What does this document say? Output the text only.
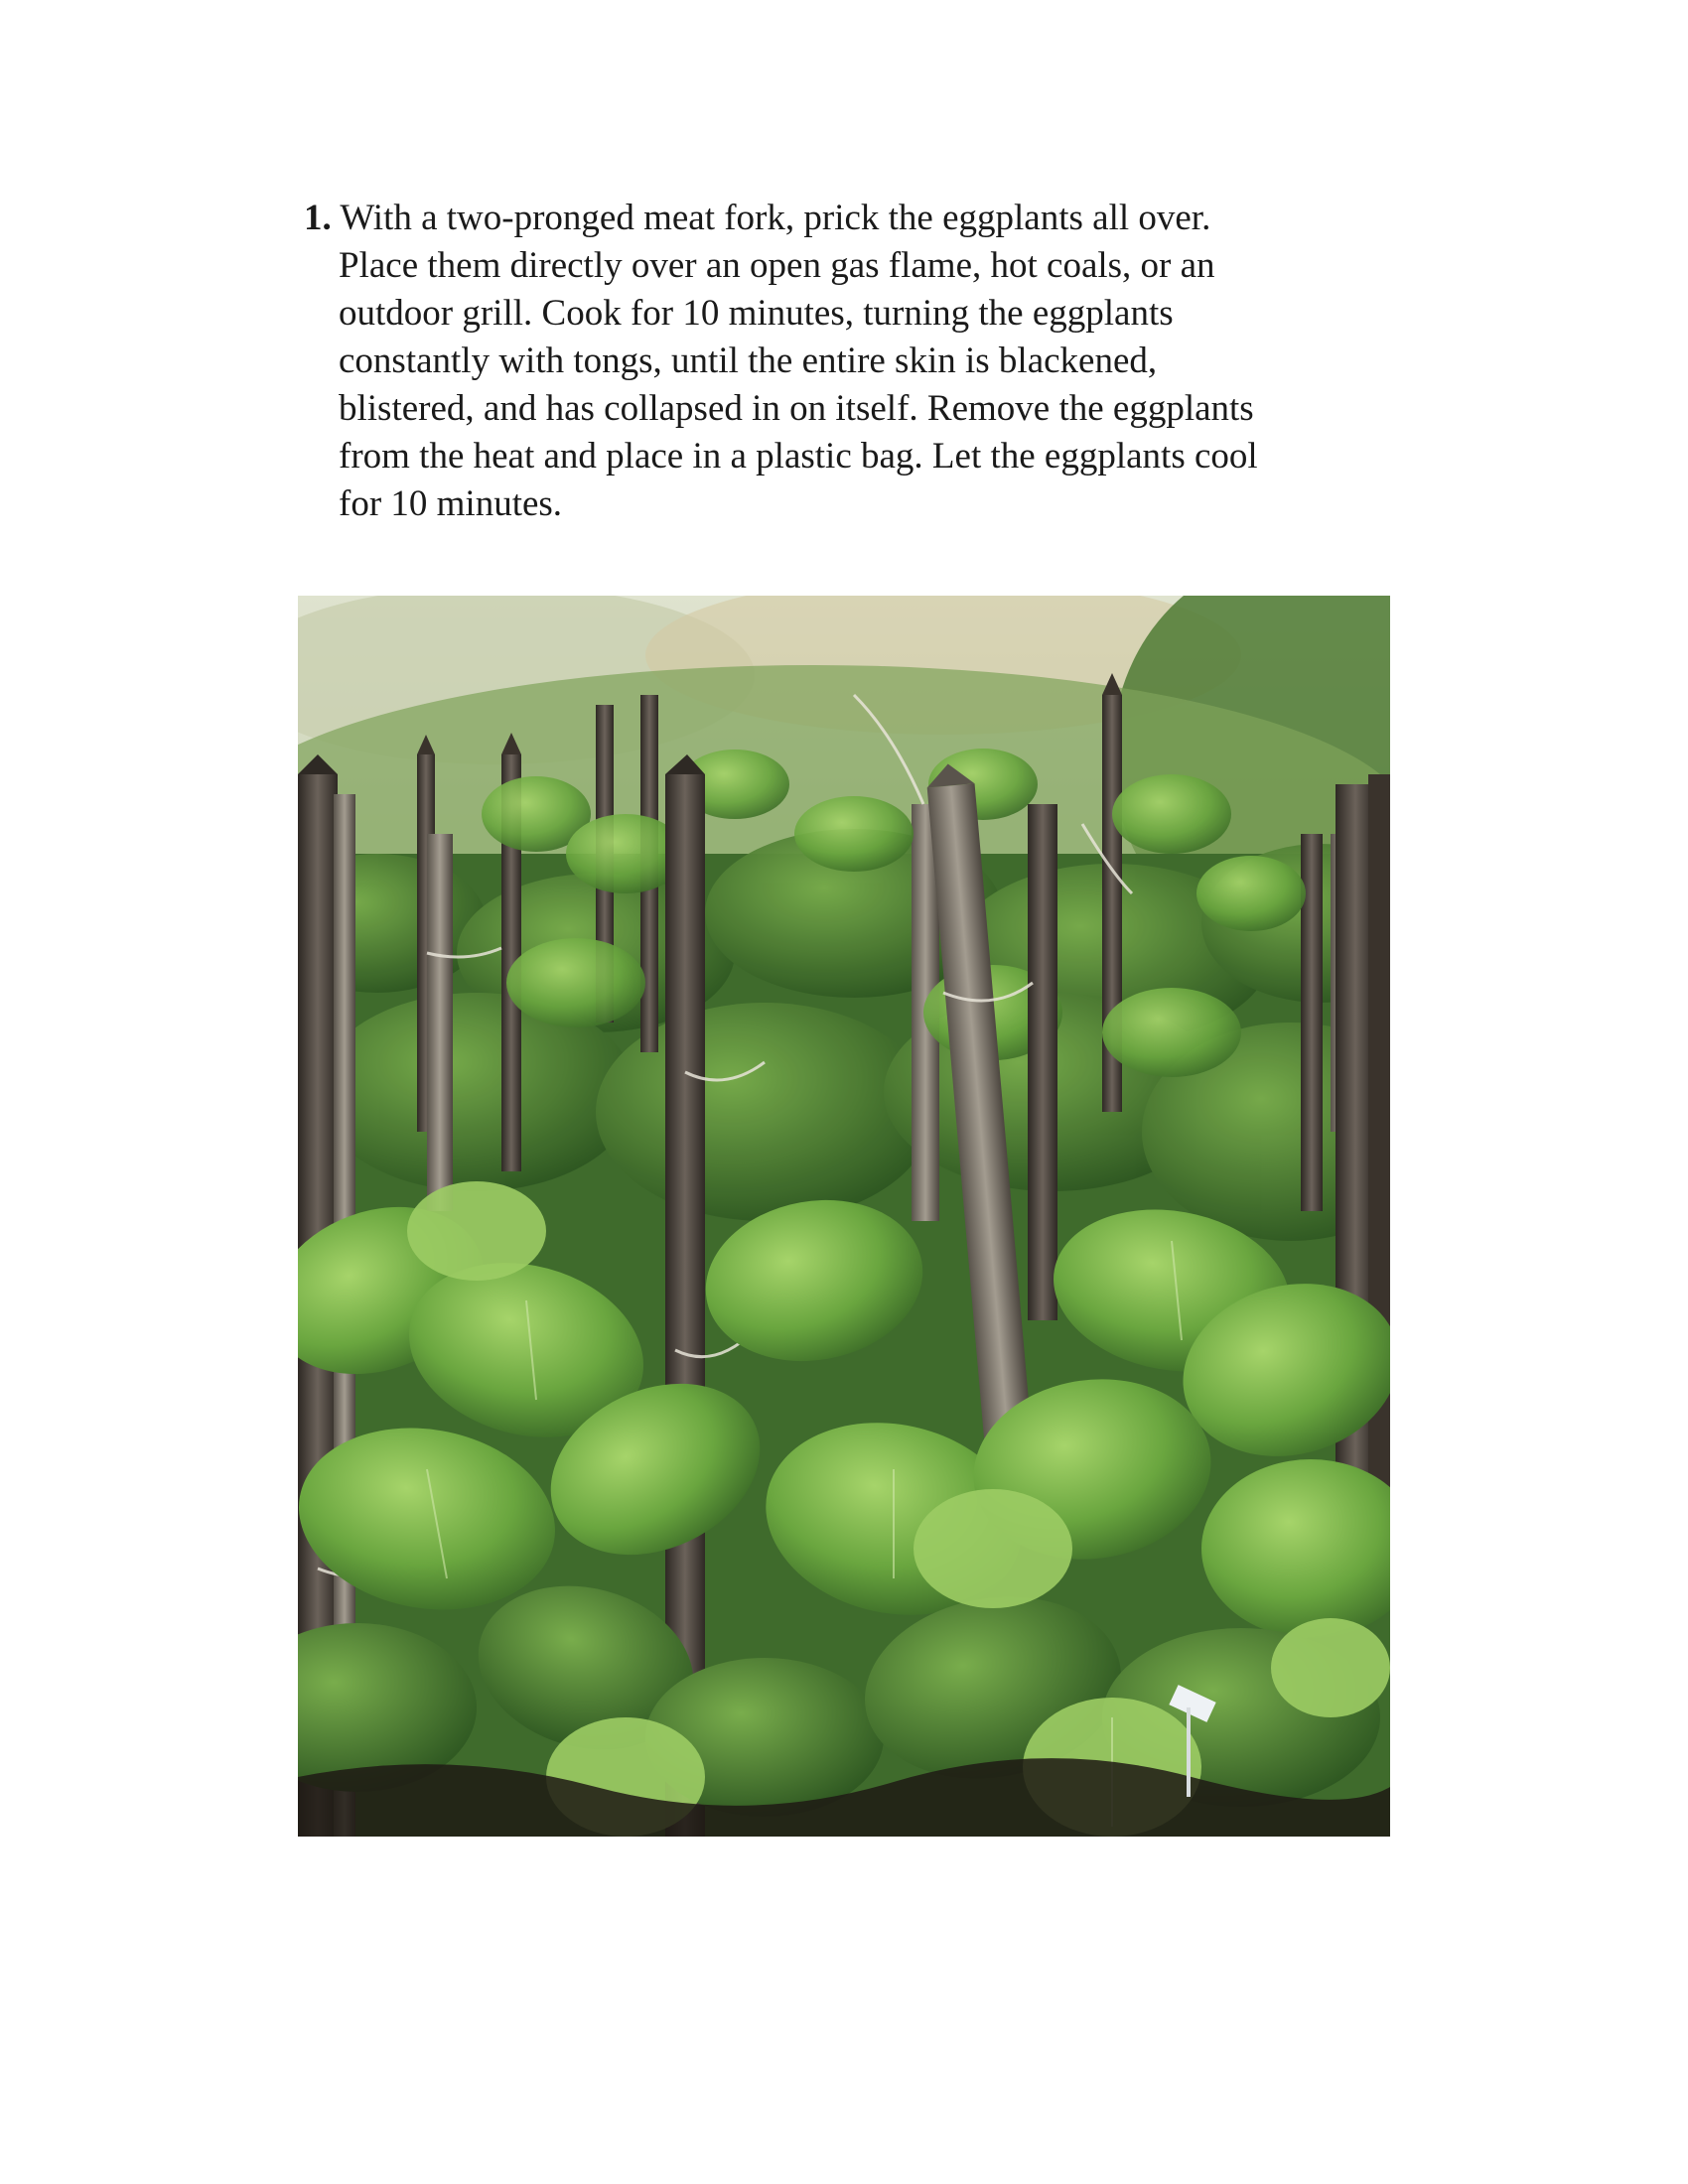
1. With a two-pronged meat fork, prick the eggplants all over.
Place them directly over an open gas flame, hot coals, or an
outdoor grill. Cook for 10 minutes, turning the eggplants
constantly with tongs, until the entire skin is blackened,
blistered, and has collapsed in on itself. Remove the eggplants
from the heat and place in a plastic bag. Let the eggplants cool
for 10 minutes.
